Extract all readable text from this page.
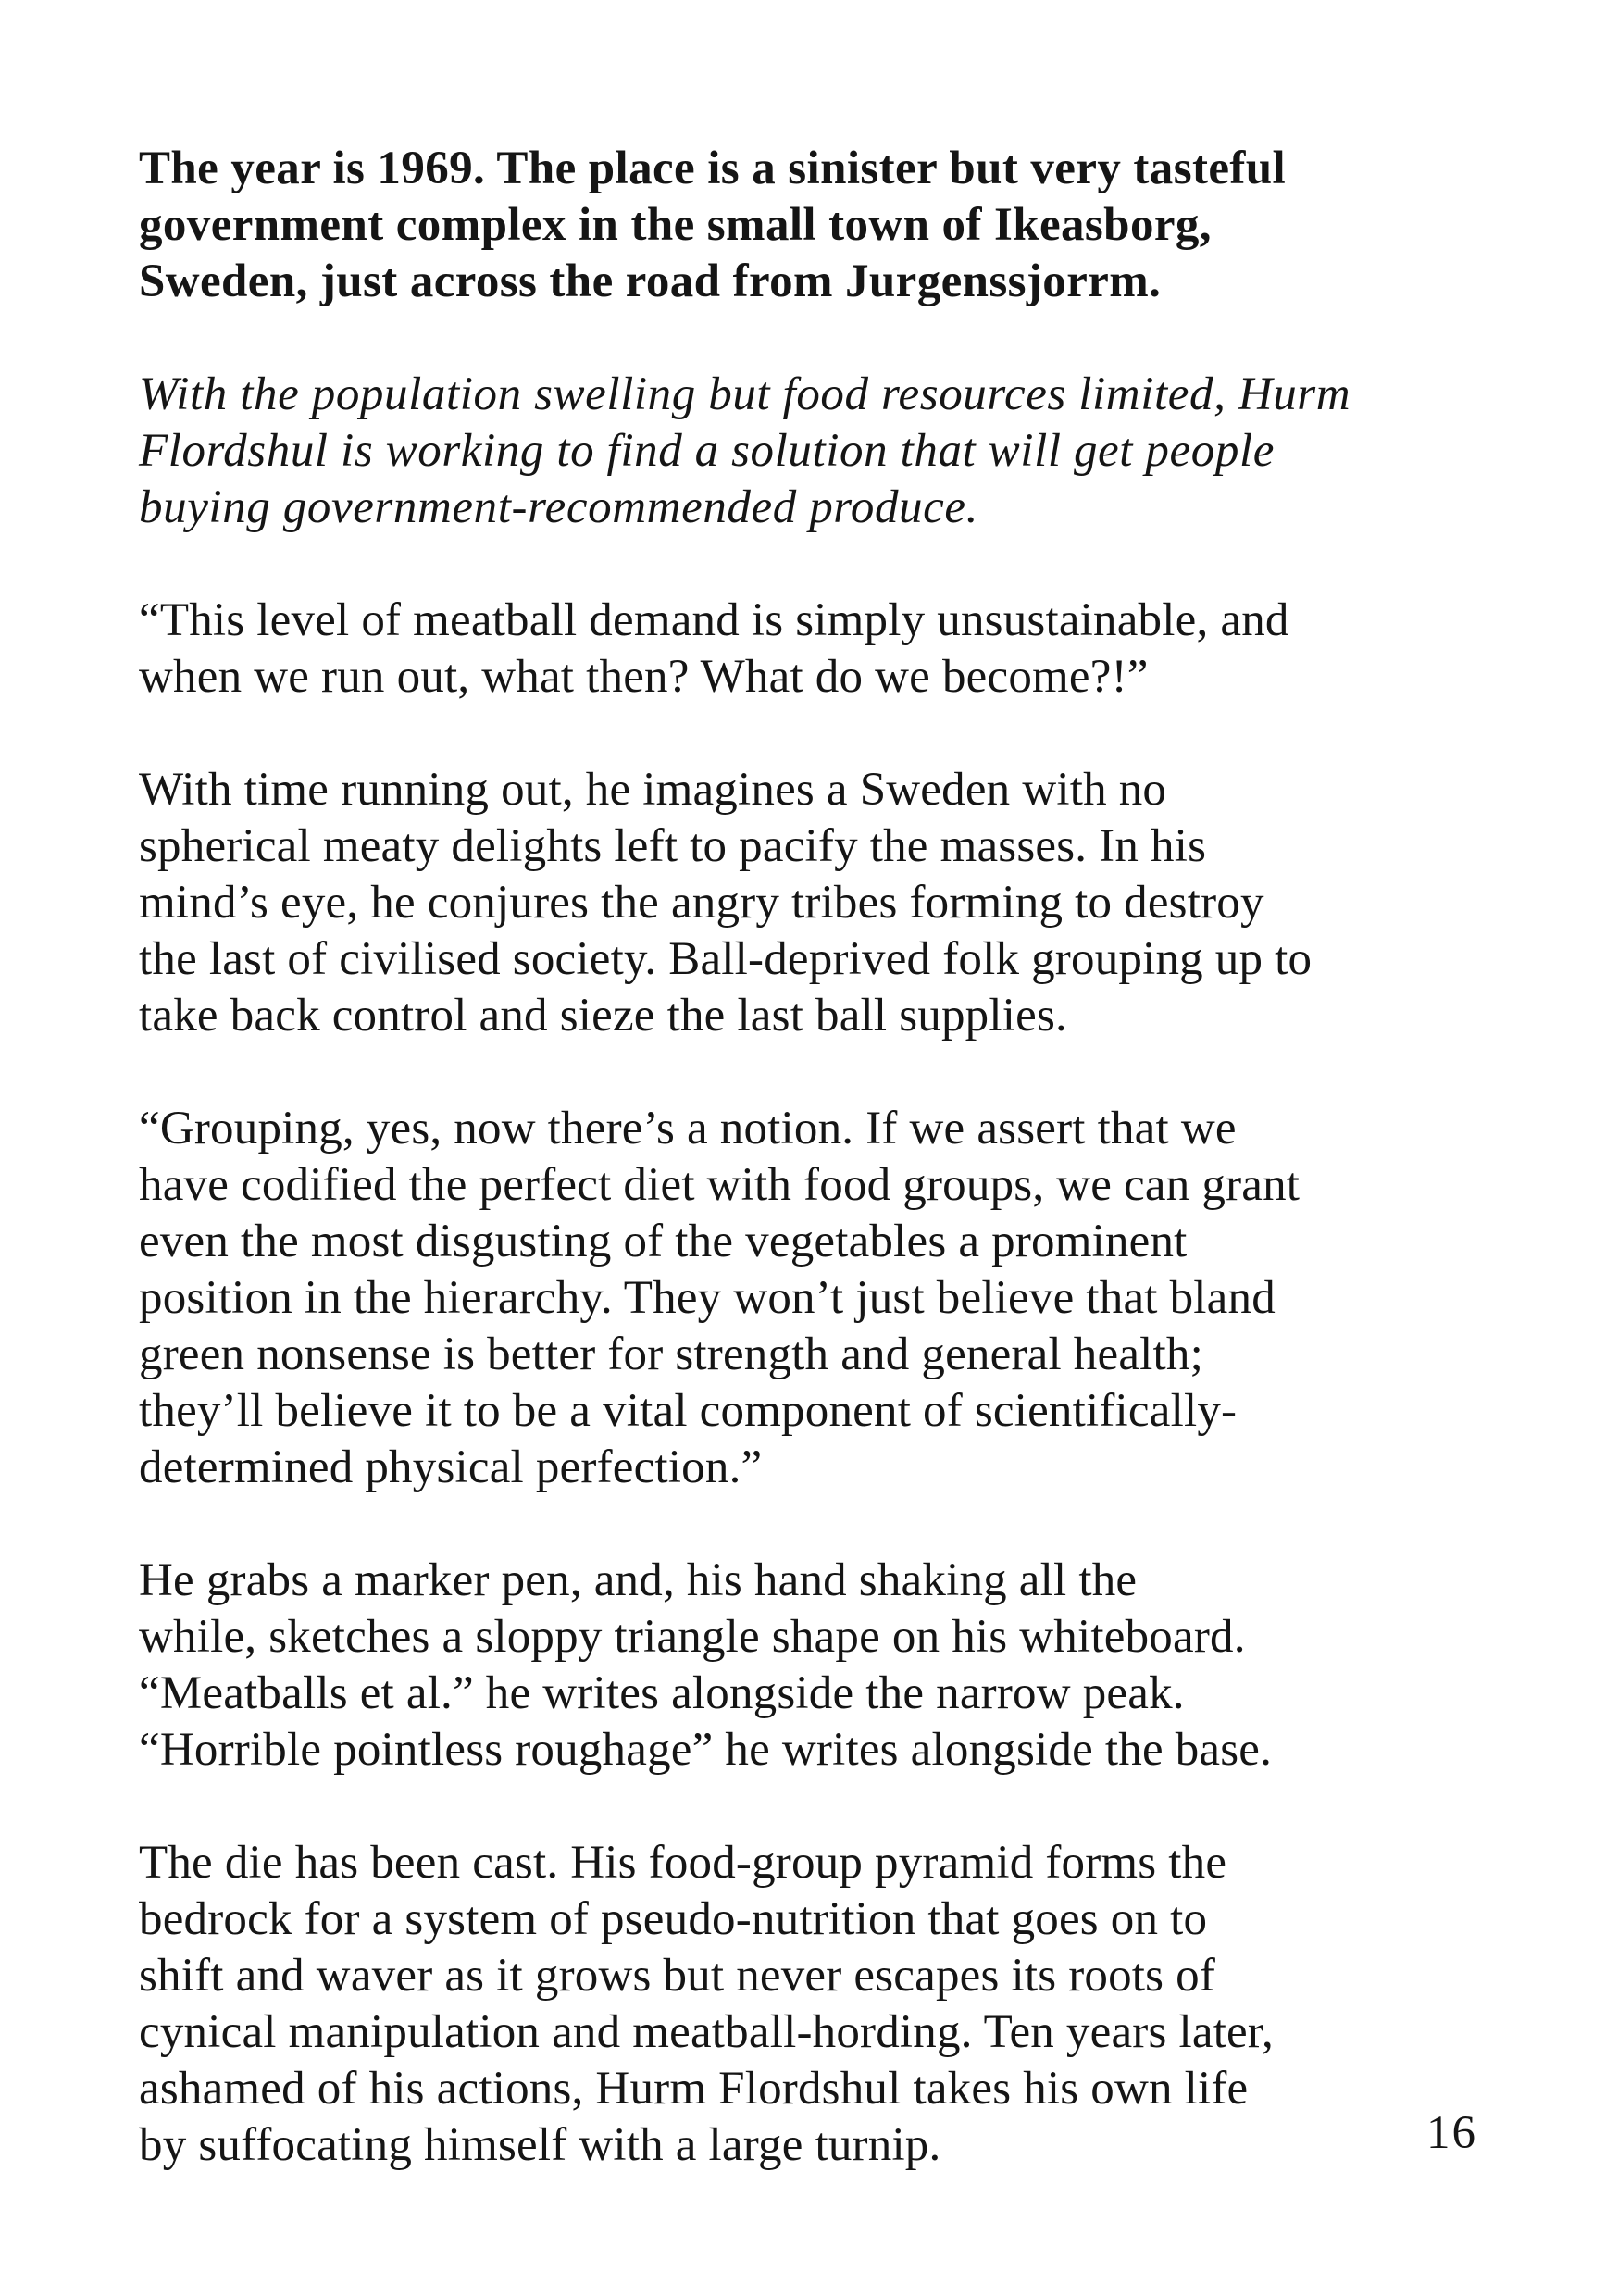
The year is 1969. The place is a sinister but very tasteful
government complex in the small town of Ikeasborg,
Sweden, just across the road from Jurgenssjorrm.

With the population swelling but food resources limited, Hurm
Flordshul is working to find a solution that will get people
buying government-recommended produce.

“This level of meatball demand is simply unsustainable, and
when we run out, what then? What do we become?!”

With time running out, he imagines a Sweden with no
spherical meaty delights left to pacify the masses. In his
mind’s eye, he conjures the angry tribes forming to destroy
the last of civilised society. Ball-deprived folk grouping up to
take back control and sieze the last ball supplies.

“Grouping, yes, now there’s a notion. If we assert that we
have codified the perfect diet with food groups, we can grant
even the most disgusting of the vegetables a prominent
position in the hierarchy. They won’t just believe that bland
green nonsense is better for strength and general health;
they’ll believe it to be a vital component of scientifically-
determined physical perfection.”

He grabs a marker pen, and, his hand shaking all the
while, sketches a sloppy triangle shape on his whiteboard.
“Meatballs et al.” he writes alongside the narrow peak.
“Horrible pointless roughage” he writes alongside the base.

The die has been cast. His food-group pyramid forms the
bedrock for a system of pseudo-nutrition that goes on to
shift and waver as it grows but never escapes its roots of
cynical manipulation and meatball-hording. Ten years later,
ashamed of his actions, Hurm Flordshul takes his own life
by suffocating himself with a large turnip.	16
